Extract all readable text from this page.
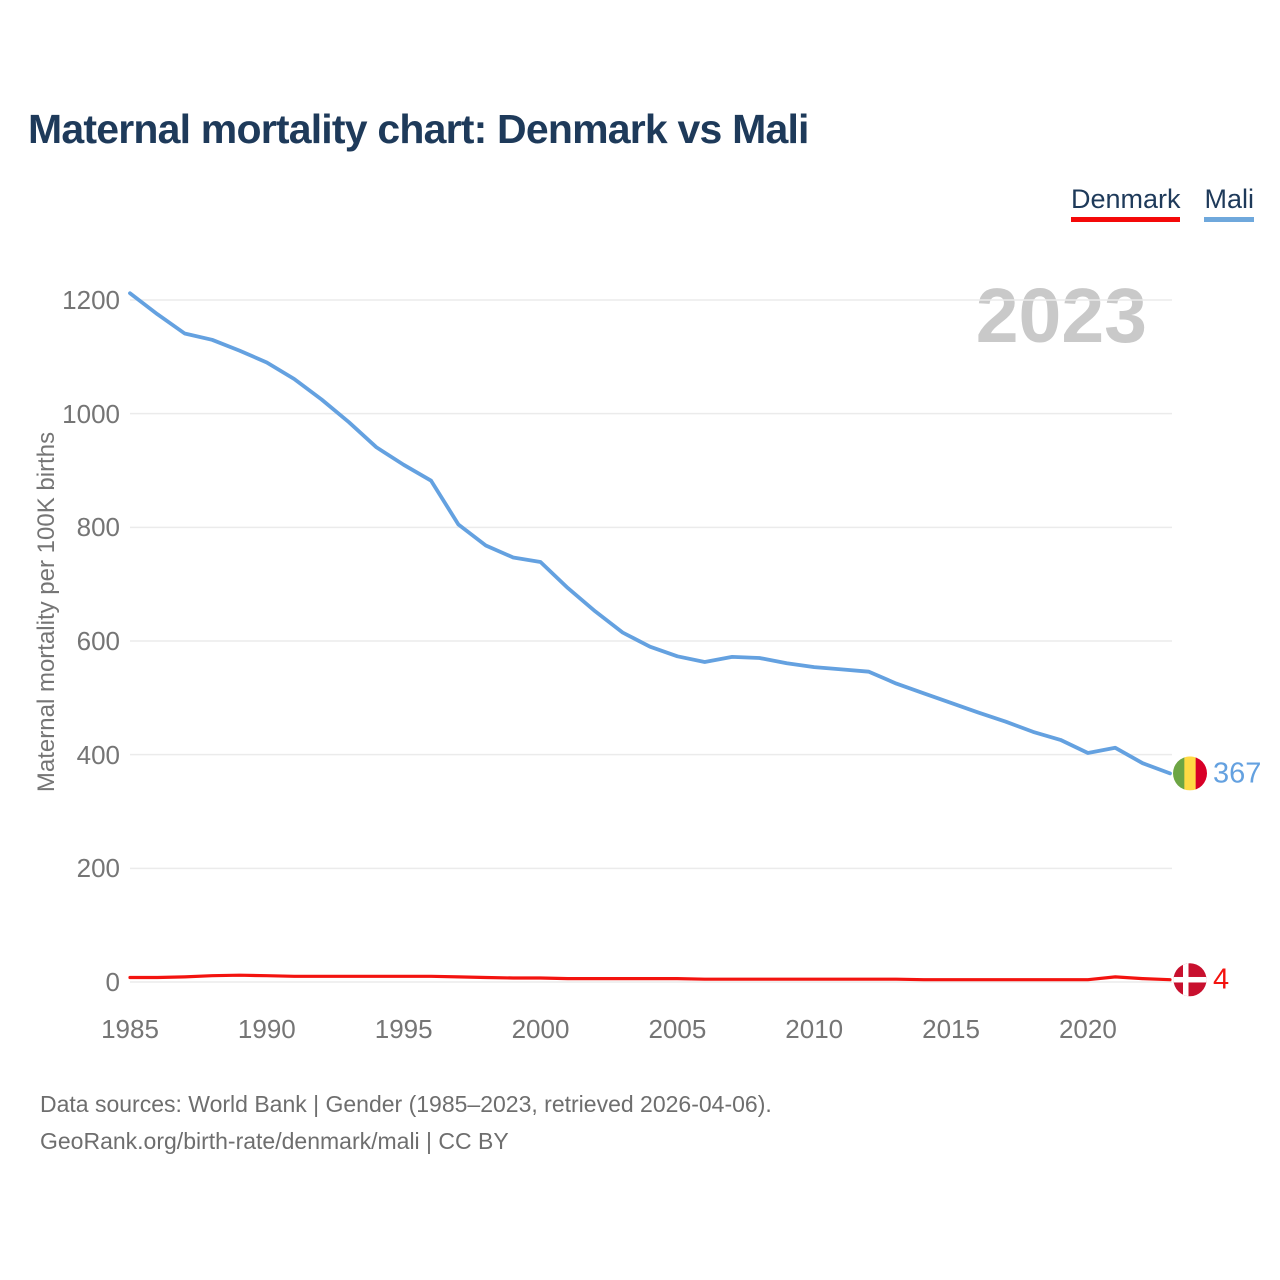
Maternal mortality chart: Denmark vs Mali
Denmark Mali
2023
4
367
Maternal mortality per 100K births
0
200
400
600
800
1000
1200
1985	1990	1995	2000	2005	2010	2015	2020
Data sources: World Bank | Gender (1985–2023, retrieved 2026-04-06).
GeoRank.org/birth-rate/denmark/mali | CC BY
